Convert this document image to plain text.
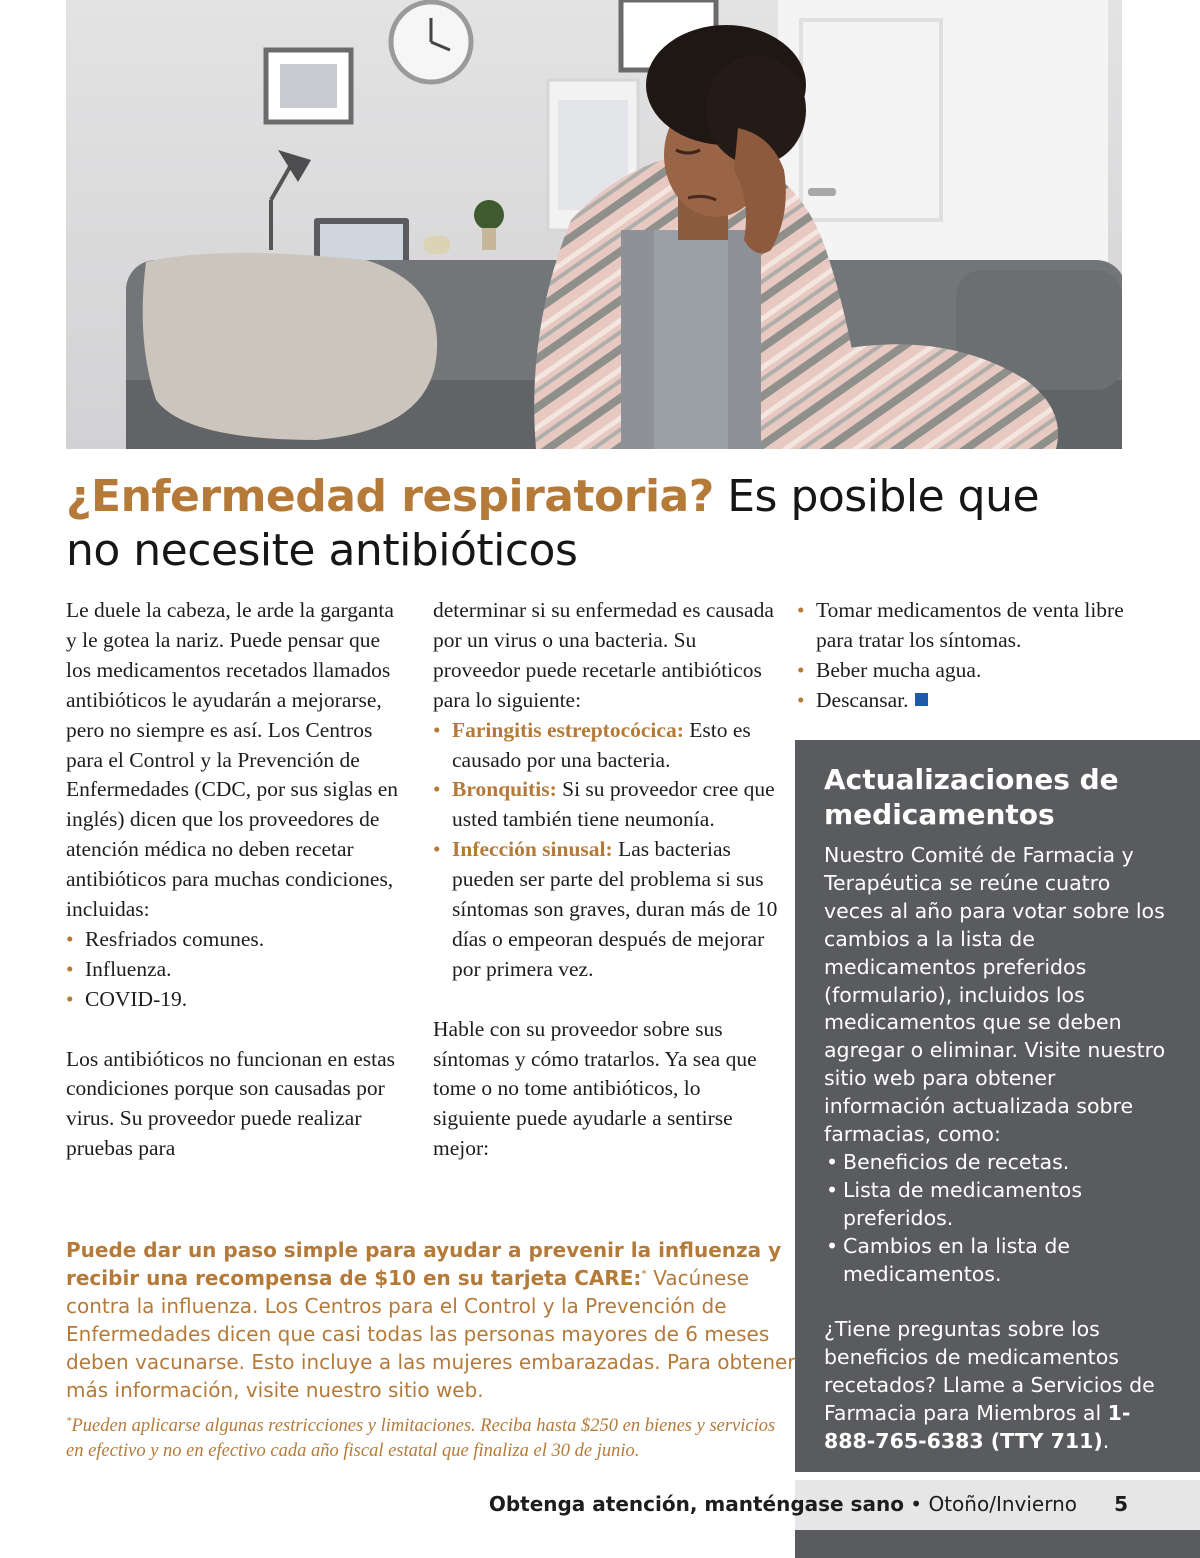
¿Enfermedad respiratoria? Es posible que no necesite antibióticos

Le duele la cabeza, le arde la garganta y le gotea la nariz. Puede pensar que los medicamentos recetados llamados antibióticos le ayudarán a mejorarse, pero no siempre es así. Los Centros para el Control y la Prevención de Enfermedades (CDC, por sus siglas en inglés) dicen que los proveedores de atención médica no deben recetar antibióticos para muchas condiciones, incluidas:

• Resfriados comunes.
• Influenza.
• COVID-19.

Los antibióticos no funcionan en estas condiciones porque son causadas por virus. Su proveedor puede realizar pruebas para

determinar si su enfermedad es causada por un virus o una bacteria. Su proveedor puede recetarle antibióticos para lo siguiente:

• Faringitis estreptocócica: Esto es causado por una bacteria.
• Bronquitis: Si su proveedor cree que usted también tiene neumonía.
• Infección sinusal: Las bacterias pueden ser parte del problema si sus síntomas son graves, duran más de 10 días o empeoran después de mejorar por primera vez.

Hable con su proveedor sobre sus síntomas y cómo tratarlos. Ya sea que tome o no tome antibióticos, lo siguiente puede ayudarle a sentirse mejor:

• Tomar medicamentos de venta libre para tratar los síntomas.
• Beber mucha agua.
• Descansar.
Actualizaciones de medicamentos

Nuestro Comité de Farmacia y Terapéutica se reúne cuatro veces al año para votar sobre los cambios a la lista de medicamentos preferidos (formulario), incluidos los medicamentos que se deben agregar o eliminar. Visite nuestro sitio web para obtener información actualizada sobre farmacias, como:

• Beneficios de recetas.
• Lista de medicamentos preferidos.
• Cambios en la lista de medicamentos.

¿Tiene preguntas sobre los beneficios de medicamentos recetados? Llame a Servicios de Farmacia para Miembros al 1-888-765-6383 (TTY 711).

Puede dar un paso simple para ayudar a prevenir la influenza y recibir una recompensa de $10 en su tarjeta CARE:* Vacúnese contra la influenza. Los Centros para el Control y la Prevención de Enfermedades dicen que casi todas las personas mayores de 6 meses deben vacunarse. Esto incluye a las mujeres embarazadas. Para obtener más información, visite nuestro sitio web.
*Pueden aplicarse algunas restricciones y limitaciones. Reciba hasta $250 en bienes y servicios en efectivo y no en efectivo cada año fiscal estatal que finaliza el 30 de junio.
Obtenga atención, manténgase sano • Otoño/Invierno 5
